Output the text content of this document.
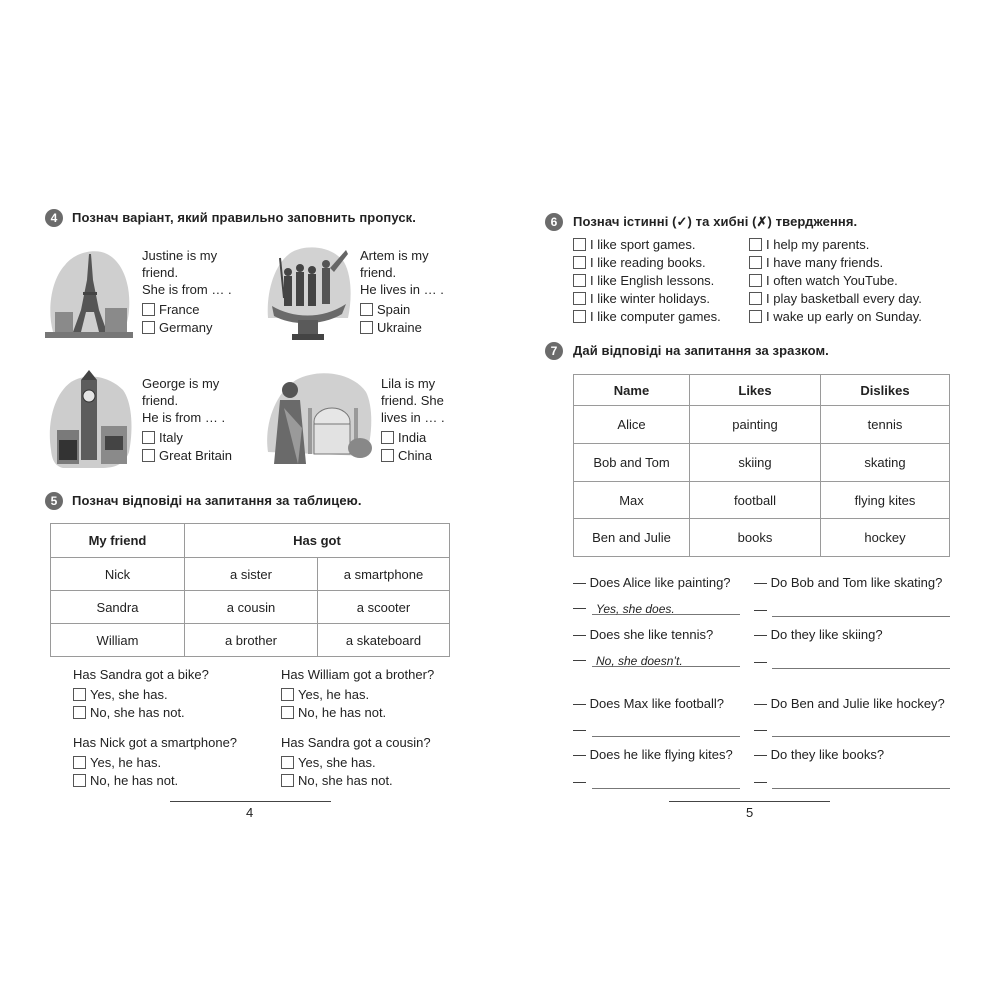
4	Познач варіант, який правильно заповнить пропуск.
Justine is my
friend.
She is from … .
France
Germany
Artem is my
friend.
He lives in … .
Spain
Ukraine
George is my
friend.
He is from … .
Italy
Great Britain
Lila is my
friend. She
lives in … .
India
China
5	Познач відповіді на запитання за таблицею.
My friend	Has got	
Nick	a sister	a smartphone
Sandra	a cousin	a scooter
William	a brother	a skateboard
Has Sandra got a bike?
Yes, she has.
No, she has not.
Has William got a brother?
Yes, he has.
No, he has not.
Has Nick got a smartphone?
Yes, he has.
No, he has not.
Has Sandra got a cousin?
Yes, she has.
No, she has not.
4
6	Познач істинні (✓) та хибні (✗) твердження.
I like sport games.
I like reading books.
I like English lessons.
I like winter holidays.
I like computer games.
I help my parents.
I have many friends.
I often watch YouTube.
I play basketball every day.
I wake up early on Sunday.
7	Дай відповіді на запитання за зразком.
Name	Likes	Dislikes
Alice	painting	tennis
Bob and Tom	skiing	skating
Max	football	flying kites
Ben and Julie	books	hockey
— Does Alice like painting?
— Yes, she does.
— Does she like tennis?
— No, she doesn’t.
— Does Max like football?
—
— Does he like flying kites?
—
— Do Bob and Tom like skating?
—
— Do they like skiing?
—
— Do Ben and Julie like hockey?
—
— Do they like books?
—
5
